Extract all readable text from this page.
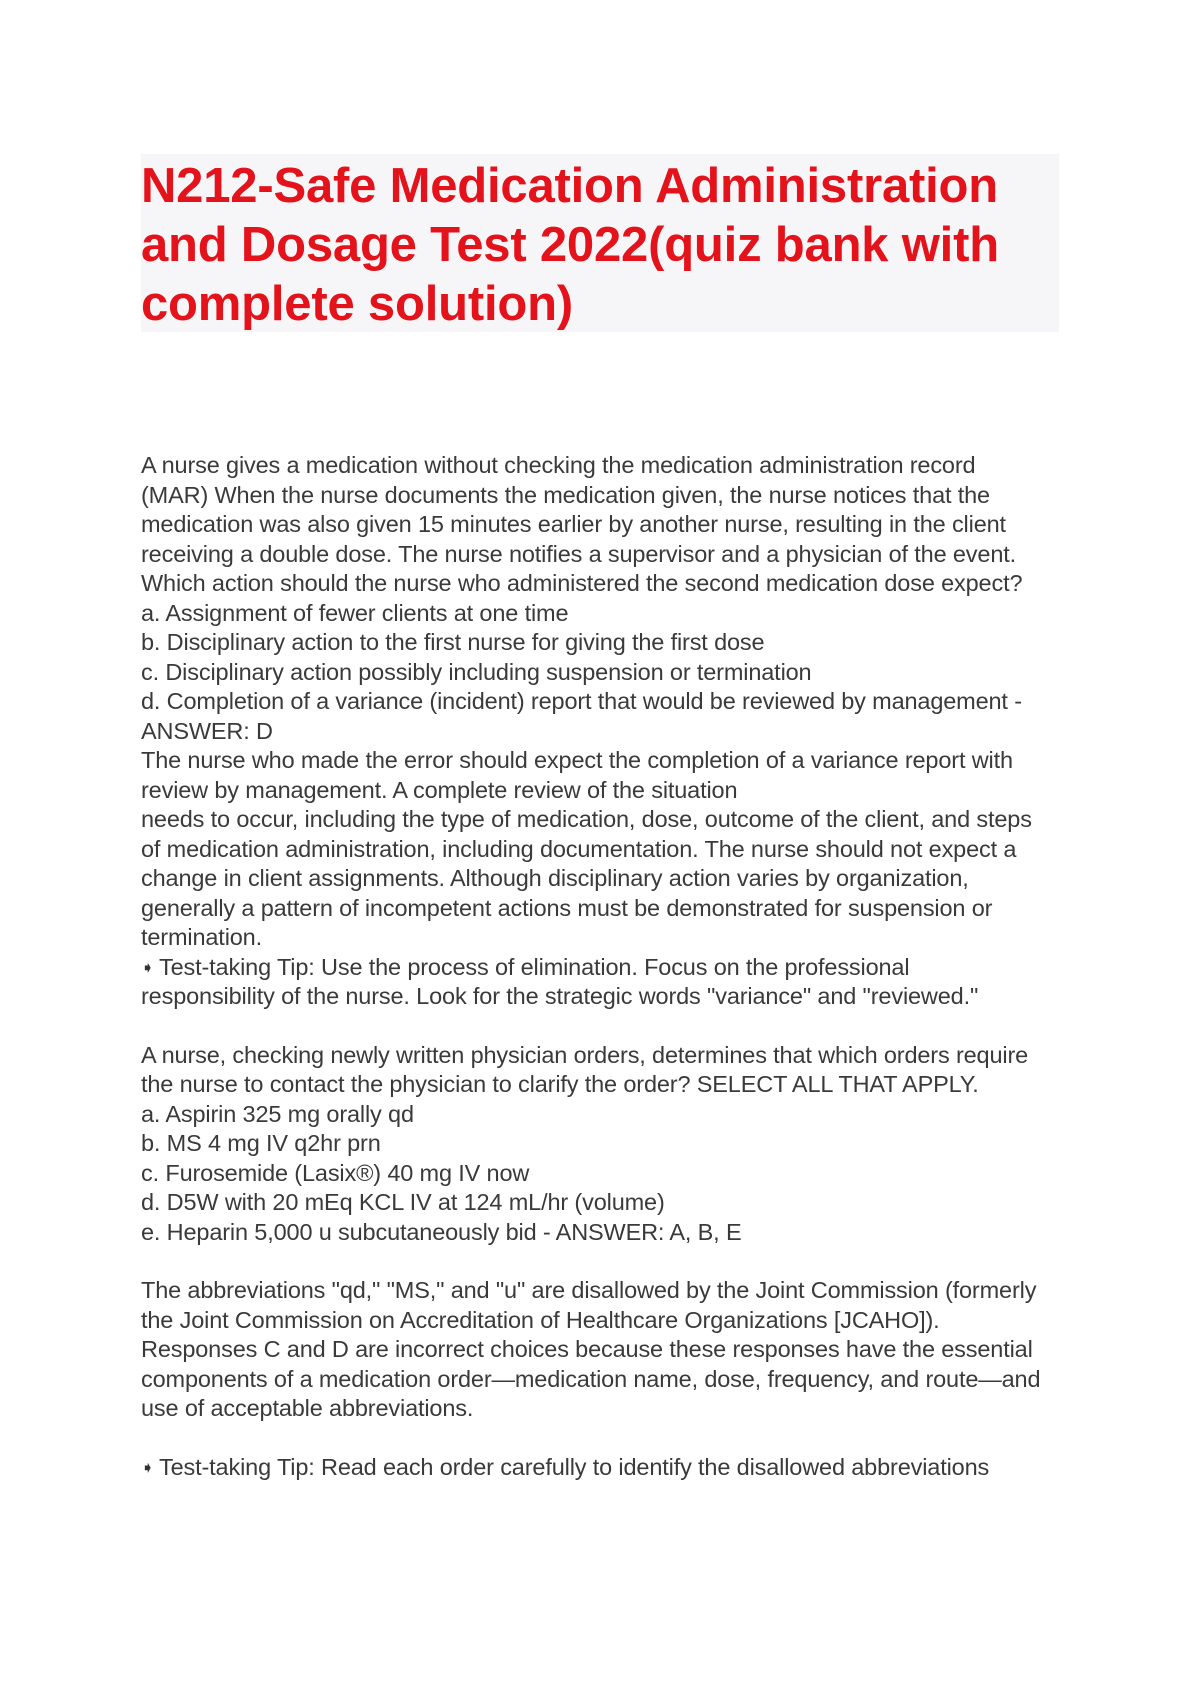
N212-Safe Medication Administration
and Dosage Test 2022(quiz bank with
complete solution)
A nurse gives a medication without checking the medication administration record
(MAR) When the nurse documents the medication given, the nurse notices that the
medication was also given 15 minutes earlier by another nurse, resulting in the client
receiving a double dose. The nurse notifies a supervisor and a physician of the event.
Which action should the nurse who administered the second medication dose expect?
a. Assignment of fewer clients at one time
b. Disciplinary action to the first nurse for giving the first dose
c. Disciplinary action possibly including suspension or termination
d. Completion of a variance (incident) report that would be reviewed by management -
ANSWER: D
The nurse who made the error should expect the completion of a variance report with
review by management. A complete review of the situation
needs to occur, including the type of medication, dose, outcome of the client, and steps
of medication administration, including documentation. The nurse should not expect a
change in client assignments. Although disciplinary action varies by organization,
generally a pattern of incompetent actions must be demonstrated for suspension or
termination.
➧ Test-taking Tip: Use the process of elimination. Focus on the professional
responsibility of the nurse. Look for the strategic words "variance" and "reviewed."
A nurse, checking newly written physician orders, determines that which orders require
the nurse to contact the physician to clarify the order? SELECT ALL THAT APPLY.
a. Aspirin 325 mg orally qd
b. MS 4 mg IV q2hr prn
c. Furosemide (Lasix®) 40 mg IV now
d. D5W with 20 mEq KCL IV at 124 mL/hr (volume)
e. Heparin 5,000 u subcutaneously bid - ANSWER: A, B, E
The abbreviations "qd," "MS," and "u" are disallowed by the Joint Commission (formerly
the Joint Commission on Accreditation of Healthcare Organizations [JCAHO]).
Responses C and D are incorrect choices because these responses have the essential
components of a medication order—medication name, dose, frequency, and route—and
use of acceptable abbreviations.
➧ Test-taking Tip: Read each order carefully to identify the disallowed abbreviations
